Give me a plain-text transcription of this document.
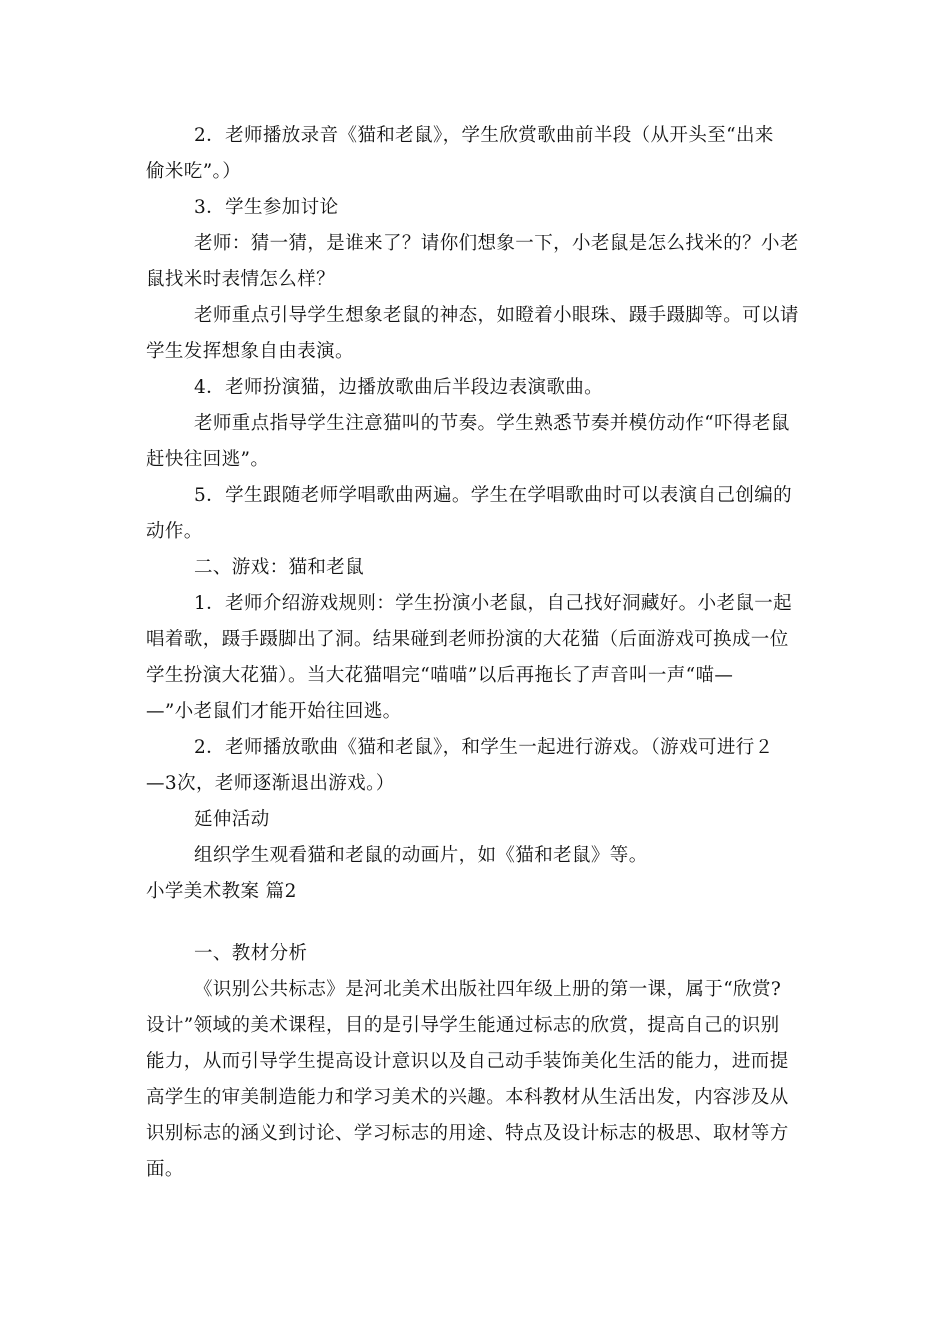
2．老师播放录音《猫和老鼠》，学生欣赏歌曲前半段（从开头至“出来
偷米吃”。）
3．学生参加讨论
老师：猜一猜，是谁来了？请你们想象一下，小老鼠是怎么找米的？小老
鼠找米时表情怎么样？
老师重点引导学生想象老鼠的神态，如瞪着小眼珠、蹑手蹑脚等。可以请
学生发挥想象自由表演。
4．老师扮演猫，边播放歌曲后半段边表演歌曲。
老师重点指导学生注意猫叫的节奏。学生熟悉节奏并模仿动作“吓得老鼠
赶快往回逃”。
5．学生跟随老师学唱歌曲两遍。学生在学唱歌曲时可以表演自己创编的
动作。
二、游戏：猫和老鼠
1．老师介绍游戏规则：学生扮演小老鼠，自己找好洞藏好。小老鼠一起
唱着歌，蹑手蹑脚出了洞。结果碰到老师扮演的大花猫（后面游戏可换成一位
学生扮演大花猫）。当大花猫唱完“喵喵”以后再拖长了声音叫一声“喵—
—”小老鼠们才能开始往回逃。
2．老师播放歌曲《猫和老鼠》，和学生一起进行游戏。（游戏可进行２
—3次，老师逐渐退出游戏。）
延伸活动
组织学生观看猫和老鼠的动画片，如《猫和老鼠》等。
小学美术教案 篇2
一、教材分析
《识别公共标志》是河北美术出版社四年级上册的第一课，属于“欣赏?
设计”领域的美术课程，目的是引导学生能通过标志的欣赏，提高自己的识别
能力，从而引导学生提高设计意识以及自己动手装饰美化生活的能力，进而提
高学生的审美制造能力和学习美术的兴趣。本科教材从生活出发，内容涉及从
识别标志的涵义到讨论、学习标志的用途、特点及设计标志的极思、取材等方
面。
